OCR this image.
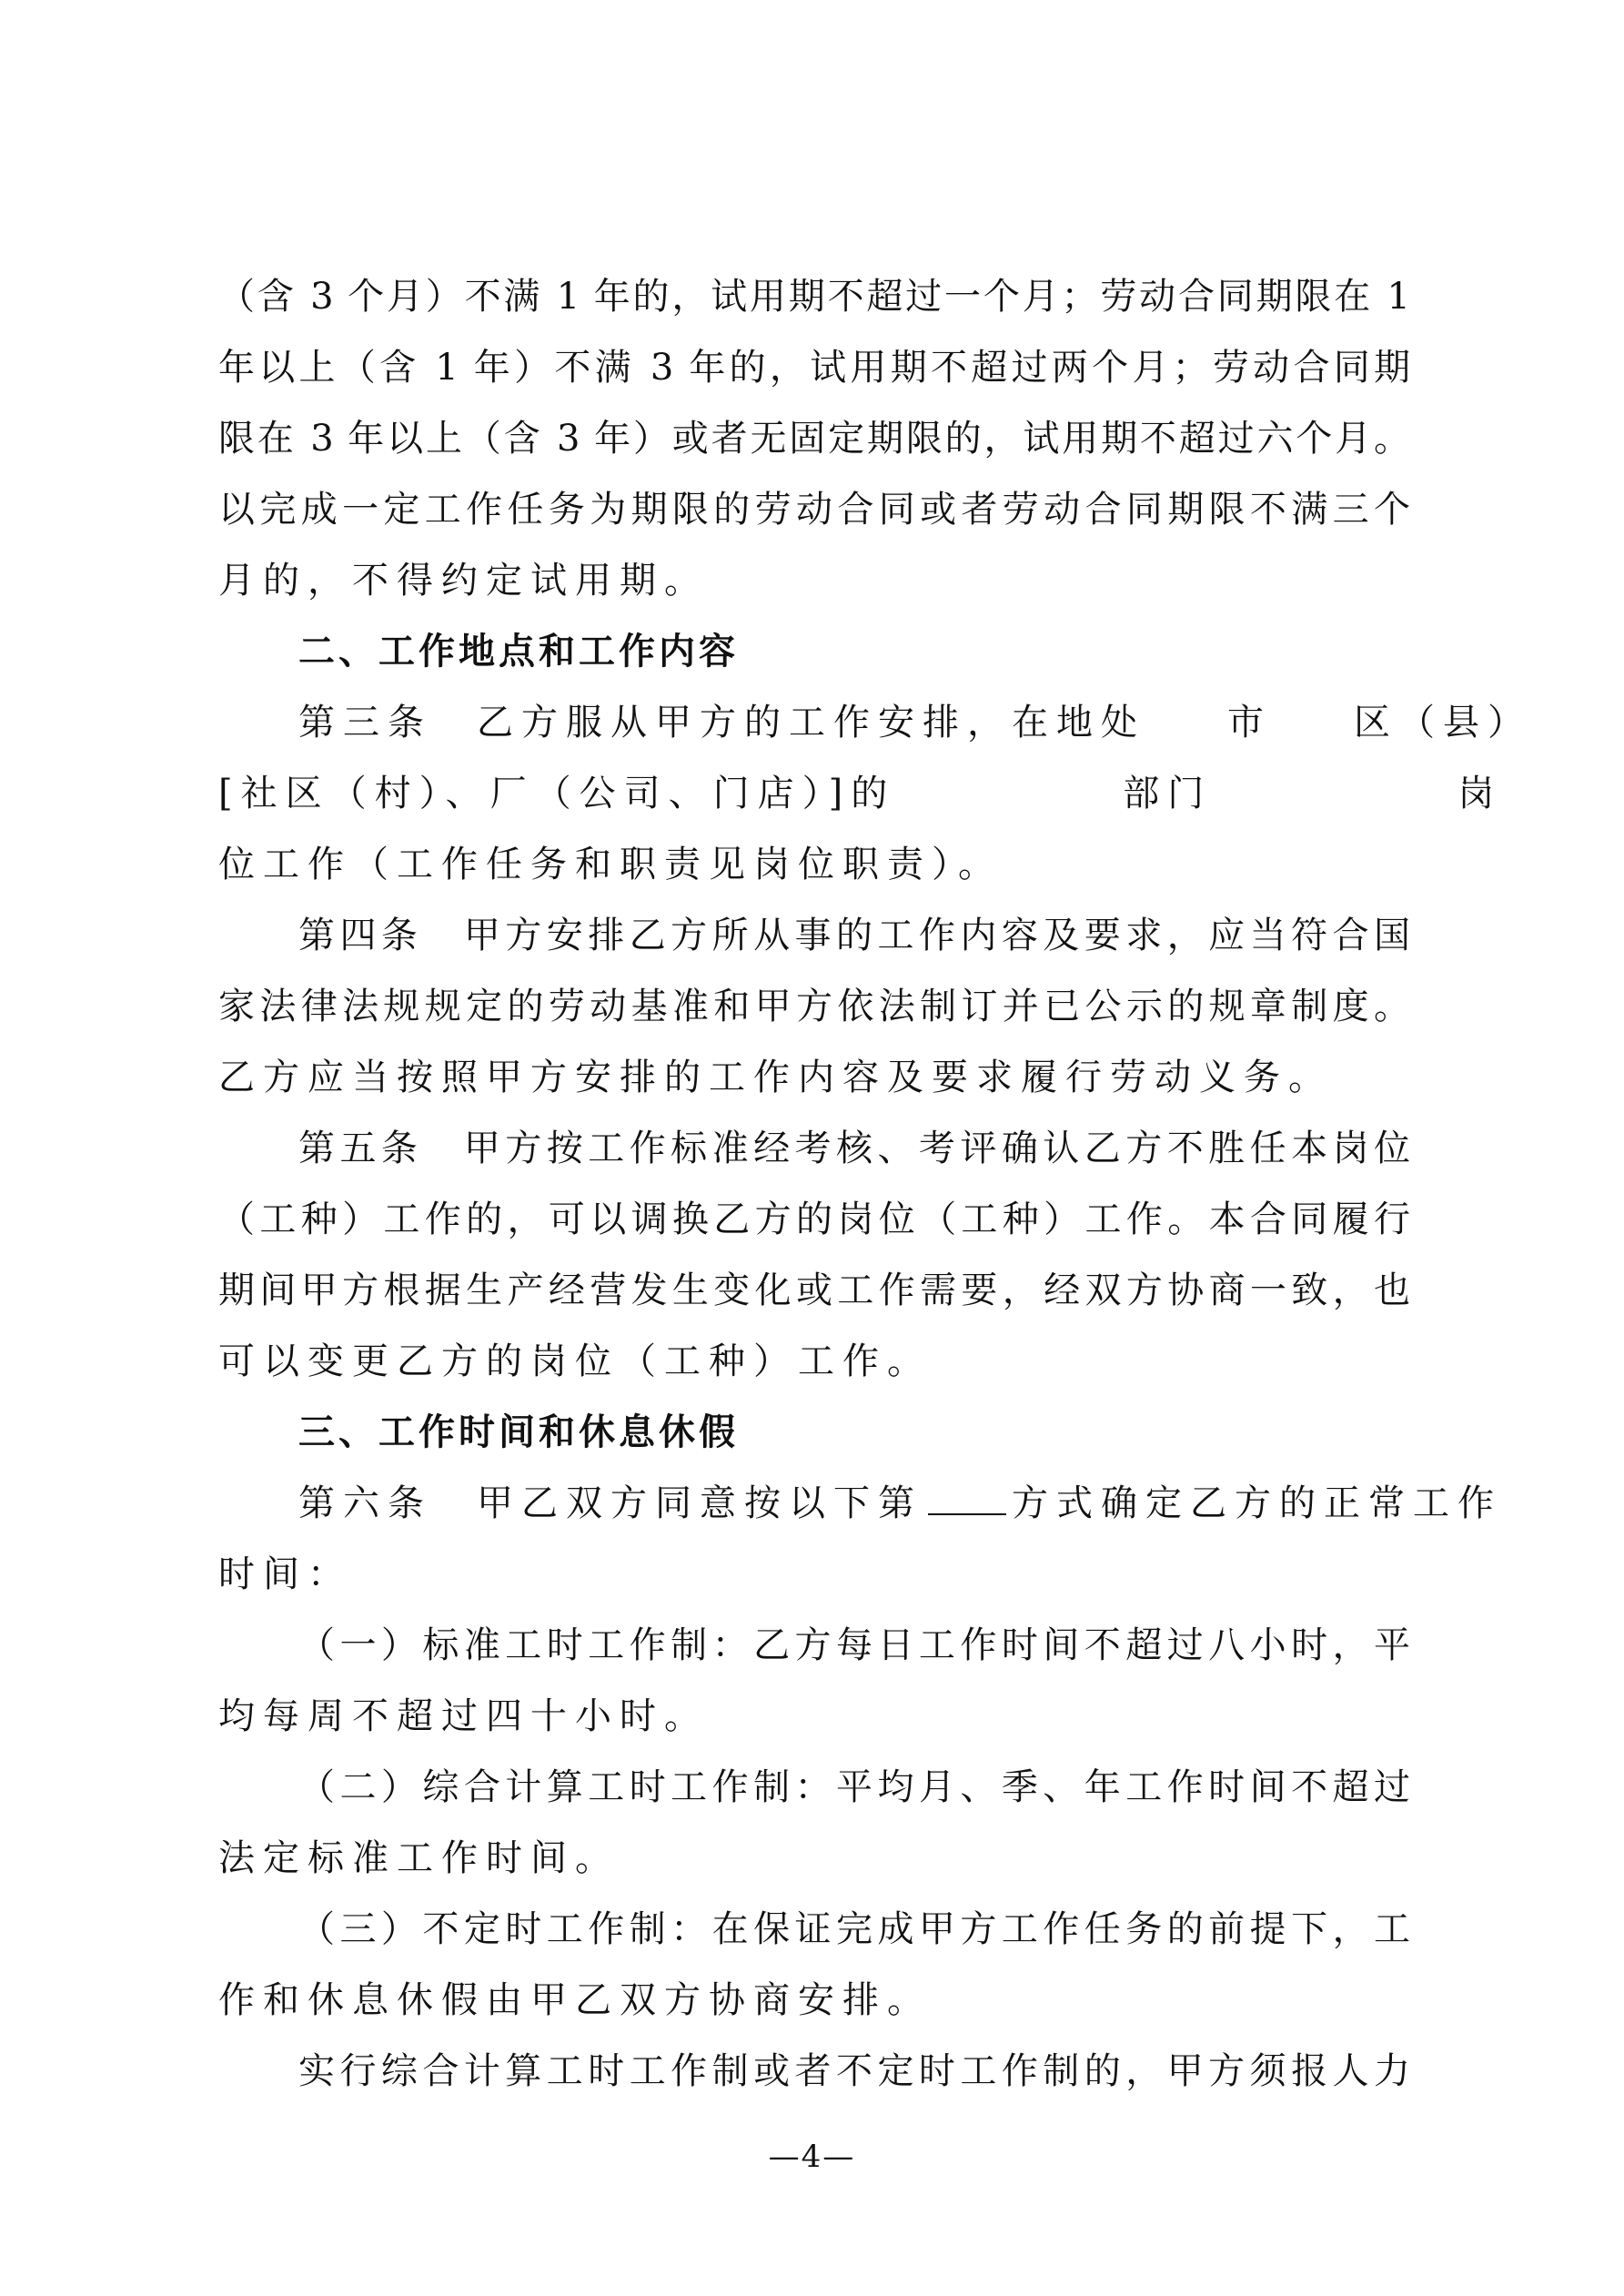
（含 3 个月）不满 1 年的，试用期不超过一个月；劳动合同期限在 1
年以上（含 1 年）不满 3 年的，试用期不超过两个月；劳动合同期
限在 3 年以上（含 3 年）或者无固定期限的，试用期不超过六个月。
以完成一定工作任务为期限的劳动合同或者劳动合同期限不满三个
月的，不得约定试用期。
二、工作地点和工作内容
第三条　乙方服从甲方的工作安排，在地处 市 区（县）
[社区（村）、厂（公司、门店）]的	部门	岗
位工作（工作任务和职责见岗位职责）。
第四条　甲方安排乙方所从事的工作内容及要求，应当符合国
家法律法规规定的劳动基准和甲方依法制订并已公示的规章制度。
乙方应当按照甲方安排的工作内容及要求履行劳动义务。
第五条　甲方按工作标准经考核、考评确认乙方不胜任本岗位
（工种）工作的，可以调换乙方的岗位（工种）工作。本合同履行
期间甲方根据生产经营发生变化或工作需要，经双方协商一致，也
可以变更乙方的岗位（工种）工作。
三、工作时间和休息休假
第六条　甲乙双方同意按以下第 方式确定乙方的正常工作
时间：
（一）标准工时工作制：乙方每日工作时间不超过八小时，平
均每周不超过四十小时。
（二）综合计算工时工作制：平均月、季、年工作时间不超过
法定标准工作时间。
（三）不定时工作制：在保证完成甲方工作任务的前提下，工
作和休息休假由甲乙双方协商安排。
实行综合计算工时工作制或者不定时工作制的，甲方须报人力
—4—
